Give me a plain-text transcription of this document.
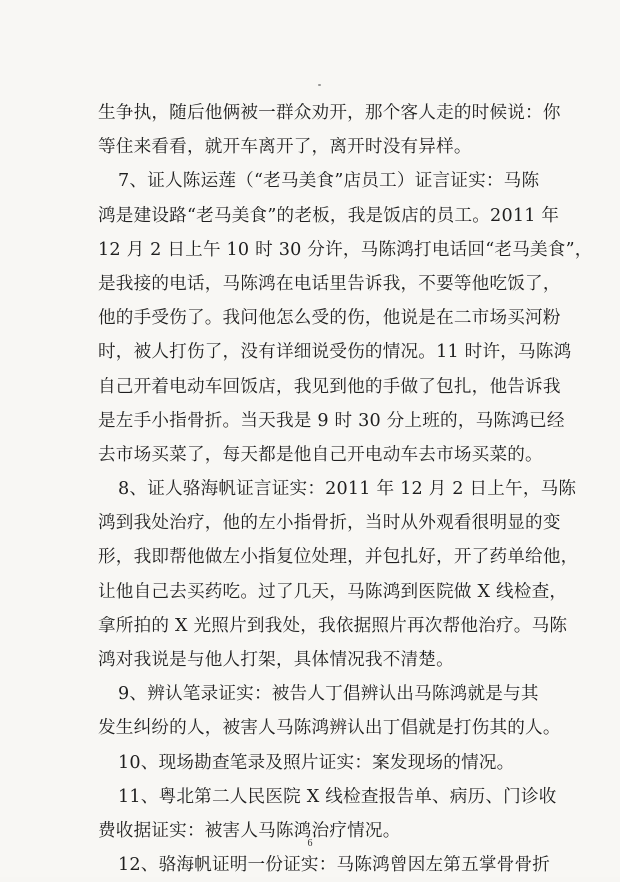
生争执，随后他俩被一群众劝开，那个客人走的时候说：你
等住来看看，就开车离开了，离开时没有异样。
7、证人陈运莲（“老马美食”店员工）证言证实：马陈
鸿是建设路“老马美食”的老板，我是饭店的员工。2011 年
12 月 2 日上午 10 时 30 分许，马陈鸿打电话回“老马美食”，
是我接的电话，马陈鸿在电话里告诉我，不要等他吃饭了，
他的手受伤了。我问他怎么受的伤，他说是在二市场买河粉
时，被人打伤了，没有详细说受伤的情况。11 时许，马陈鸿
自己开着电动车回饭店，我见到他的手做了包扎，他告诉我
是左手小指骨折。当天我是 9 时 30 分上班的，马陈鸿已经
去市场买菜了，每天都是他自己开电动车去市场买菜的。
8、证人骆海帆证言证实：2011 年 12 月 2 日上午，马陈
鸿到我处治疗，他的左小指骨折，当时从外观看很明显的变
形，我即帮他做左小指复位处理，并包扎好，开了药单给他，
让他自己去买药吃。过了几天，马陈鸿到医院做 X 线检查，
拿所拍的 X 光照片到我处，我依据照片再次帮他治疗。马陈
鸿对我说是与他人打架，具体情况我不清楚。
9、辨认笔录证实：被告人丁倡辨认出马陈鸿就是与其
发生纠纷的人，被害人马陈鸿辨认出丁倡就是打伤其的人。
10、现场勘查笔录及照片证实：案发现场的情况。
11、粤北第二人民医院 X 线检查报告单、病历、门诊收
费收据证实：被害人马陈鸿治疗情况。
12、骆海帆证明一份证实：马陈鸿曾因左第五掌骨骨折
6
